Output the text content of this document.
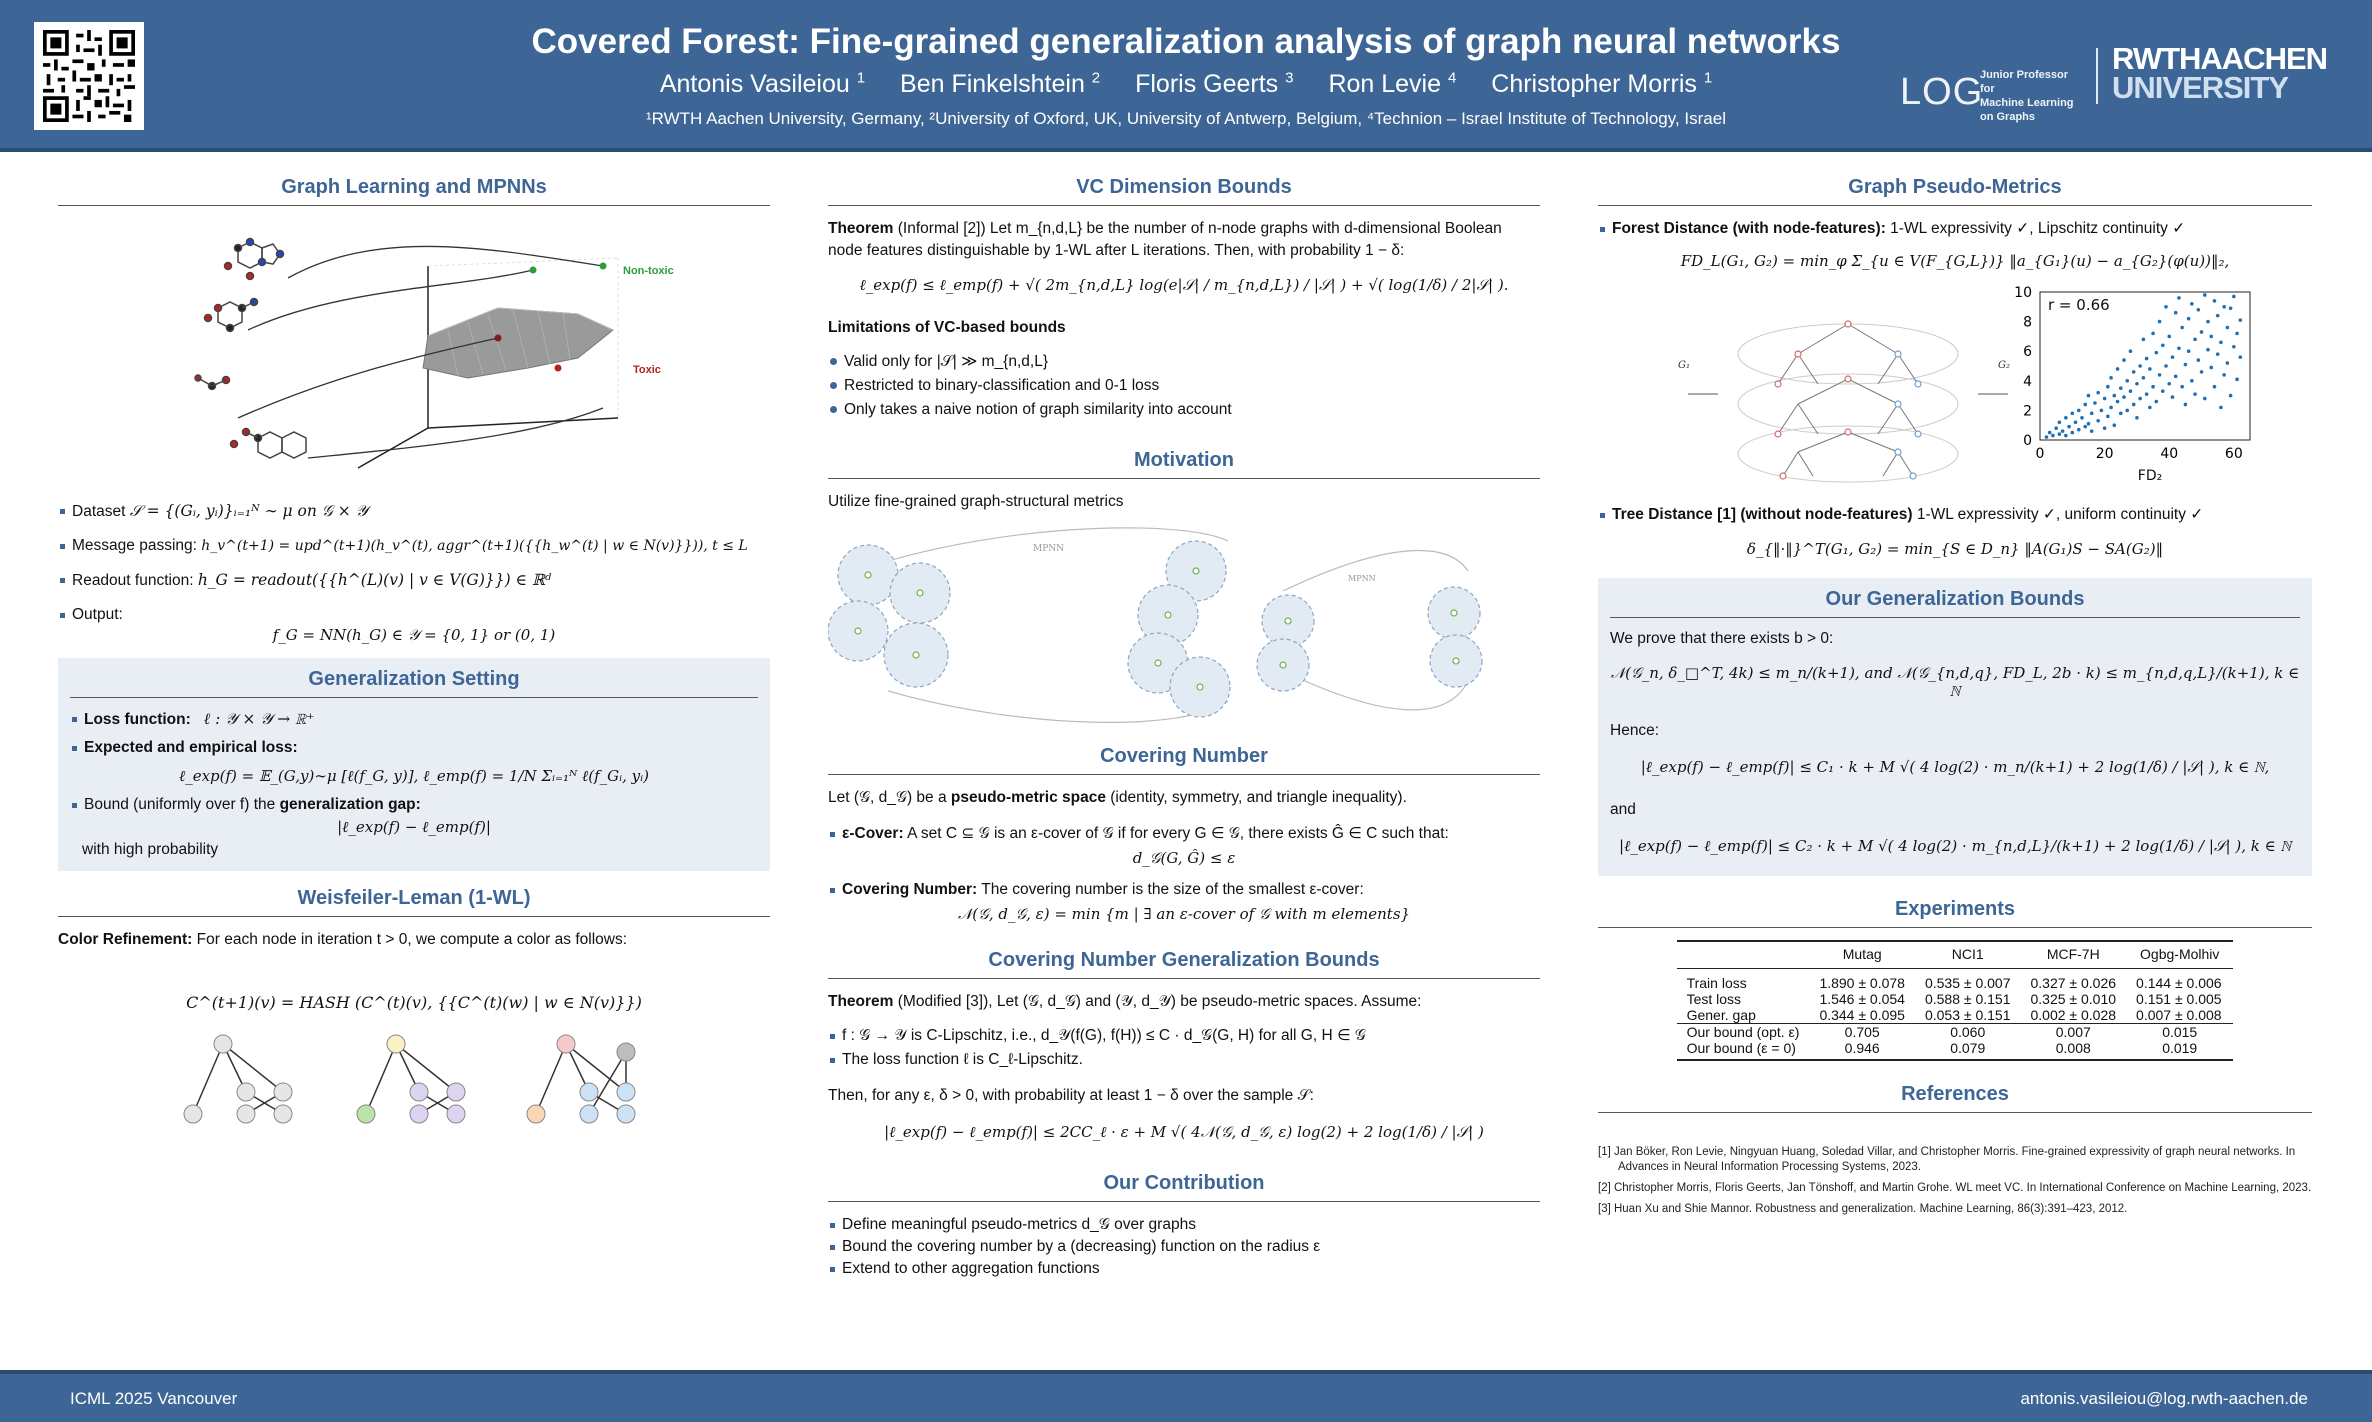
Covered Forest: Fine-grained generalization analysis of graph neural networks
Antonis Vasileiou $^1$ Ben Finkelshtein $^2$ Floris Geerts $^3$ Ron Levie $^4$ Christopher Morris $^1$
¹RWTH Aachen University, Germany, ²University of Oxford, UK, University of Antwerp, Belgium, ⁴Technion – Israel Institute of Technology, Israel
LOG
Junior Professor for
Machine Learning
on Graphs
RWTHAACHEN
UNIVERSITY
Graph Learning and MPNNs
Non-toxic
Toxic
Dataset 𝒮 = {(Gᵢ, yᵢ)}ᵢ₌₁ᴺ ∼ μ on 𝒢 × 𝒴
Message passing: h_v^(t+1) = upd^(t+1)(h_v^(t), aggr^(t+1)({{h_w^(t) | w ∈ N(v)}})), t ≤ L
Readout function: h_G = readout({{h^(L)(v) | v ∈ V(G)}}) ∈ ℝᵈ
Output:
f_G = NN(h_G) ∈ 𝒴 = {0, 1} or (0, 1)
Generalization Setting
Loss function: ℓ : 𝒴 × 𝒴 → ℝ⁺
Expected and empirical loss:
ℓ_exp(f) = 𝔼_(G,y)∼μ [ℓ(f_G, y)], ℓ_emp(f) = 1/N Σᵢ₌₁ᴺ ℓ(f_Gᵢ, yᵢ)
Bound (uniformly over f) the generalization gap:
|ℓ_exp(f) − ℓ_emp(f)|
with high probability
Weisfeiler-Leman (1-WL)
Color Refinement: For each node in iteration t > 0, we compute a color as follows:
C^(t+1)(v) = HASH (C^(t)(v), {{C^(t)(w) | w ∈ N(v)}})
VC Dimension Bounds
Theorem (Informal [2]) Let m_{n,d,L} be the number of n-node graphs with d-dimensional Boolean node features distinguishable by 1-WL after L iterations. Then, with probability 1 − δ:
ℓ_exp(f) ≤ ℓ_emp(f) + √( 2m_{n,d,L} log(e|𝒮| / m_{n,d,L}) / |𝒮| ) + √( log(1/δ) / 2|𝒮| ).
Limitations of VC-based bounds
Valid only for |𝒮| ≫ m_{n,d,L}
Restricted to binary-classification and 0-1 loss
Only takes a naive notion of graph similarity into account
Motivation
Utilize fine-grained graph-structural metrics
MPNN
MPNN
Covering Number
Let (𝒢, d_𝒢) be a pseudo-metric space (identity, symmetry, and triangle inequality).
ε-Cover: A set C ⊆ 𝒢 is an ε-cover of 𝒢 if for every G ∈ 𝒢, there exists Ĝ ∈ C such that:
d_𝒢(G, Ĝ) ≤ ε
Covering Number: The covering number is the size of the smallest ε-cover:
𝒩(𝒢, d_𝒢, ε) = min {m | ∃ an ε-cover of 𝒢 with m elements}
Covering Number Generalization Bounds
Theorem (Modified [3]), Let (𝒢, d_𝒢) and (𝒴, d_𝒴) be pseudo-metric spaces. Assume:
f : 𝒢 → 𝒴 is C-Lipschitz, i.e., d_𝒴(f(G), f(H)) ≤ C · d_𝒢(G, H) for all G, H ∈ 𝒢
The loss function ℓ is C_ℓ-Lipschitz.
Then, for any ε, δ > 0, with probability at least 1 − δ over the sample 𝒮:
|ℓ_exp(f) − ℓ_emp(f)| ≤ 2CC_ℓ · ε + M √( 4𝒩(𝒢, d_𝒢, ε) log(2) + 2 log(1/δ) / |𝒮| )
Our Contribution
Define meaningful pseudo-metrics d_𝒢 over graphs
Bound the covering number by a (decreasing) function on the radius ε
Extend to other aggregation functions
Graph Pseudo-Metrics
Forest Distance (with node-features): 1-WL expressivity ✓, Lipschitz continuity ✓
FD_L(G₁, G₂) = min_φ Σ_{u ∈ V(F_{G,L})} ‖a_{G₁}(u) − a_{G₂}(φ(u))‖₂,
G₁	G₂
0	20	40	60
0
2
4
6
8
10
r = 0.66
FD₂
Tree Distance [1] (without node-features) 1-WL expressivity ✓, uniform continuity ✓
δ_{‖·‖}^T(G₁, G₂) = min_{S ∈ D_n} ‖A(G₁)S − SA(G₂)‖
Our Generalization Bounds
We prove that there exists b > 0:
𝒩(𝒢_n, δ_□^T, 4k) ≤ m_n/(k+1), and 𝒩(𝒢_{n,d,q}, FD_L, 2b · k) ≤ m_{n,d,q,L}/(k+1), k ∈ ℕ
Hence:
|ℓ_exp(f) − ℓ_emp(f)| ≤ C₁ · k + M √( 4 log(2) · m_n/(k+1) + 2 log(1/δ) / |𝒮| ), k ∈ ℕ,
and
|ℓ_exp(f) − ℓ_emp(f)| ≤ C₂ · k + M √( 4 log(2) · m_{n,d,L}/(k+1) + 2 log(1/δ) / |𝒮| ), k ∈ ℕ
Experiments
	Mutag	NCI1	MCF-7H	Ogbg-Molhiv
Train loss	1.890 ± 0.078	0.535 ± 0.007	0.327 ± 0.026	0.144 ± 0.006
Test loss	1.546 ± 0.054	0.588 ± 0.151	0.325 ± 0.010	0.151 ± 0.005
Gener. gap	0.344 ± 0.095	0.053 ± 0.151	0.002 ± 0.028	0.007 ± 0.008
Our bound (opt. ε)	0.705	0.060	0.007	0.015
Our bound (ε = 0)	0.946	0.079	0.008	0.019
References
[1] Jan Böker, Ron Levie, Ningyuan Huang, Soledad Villar, and Christopher Morris. Fine-grained expressivity of graph neural networks. In Advances in Neural Information Processing Systems, 2023.
[2] Christopher Morris, Floris Geerts, Jan Tönshoff, and Martin Grohe. WL meet VC. In International Conference on Machine Learning, 2023.
[3] Huan Xu and Shie Mannor. Robustness and generalization. Machine Learning, 86(3):391–423, 2012.
ICML 2025 Vancouver	antonis.vasileiou@log.rwth-aachen.de
